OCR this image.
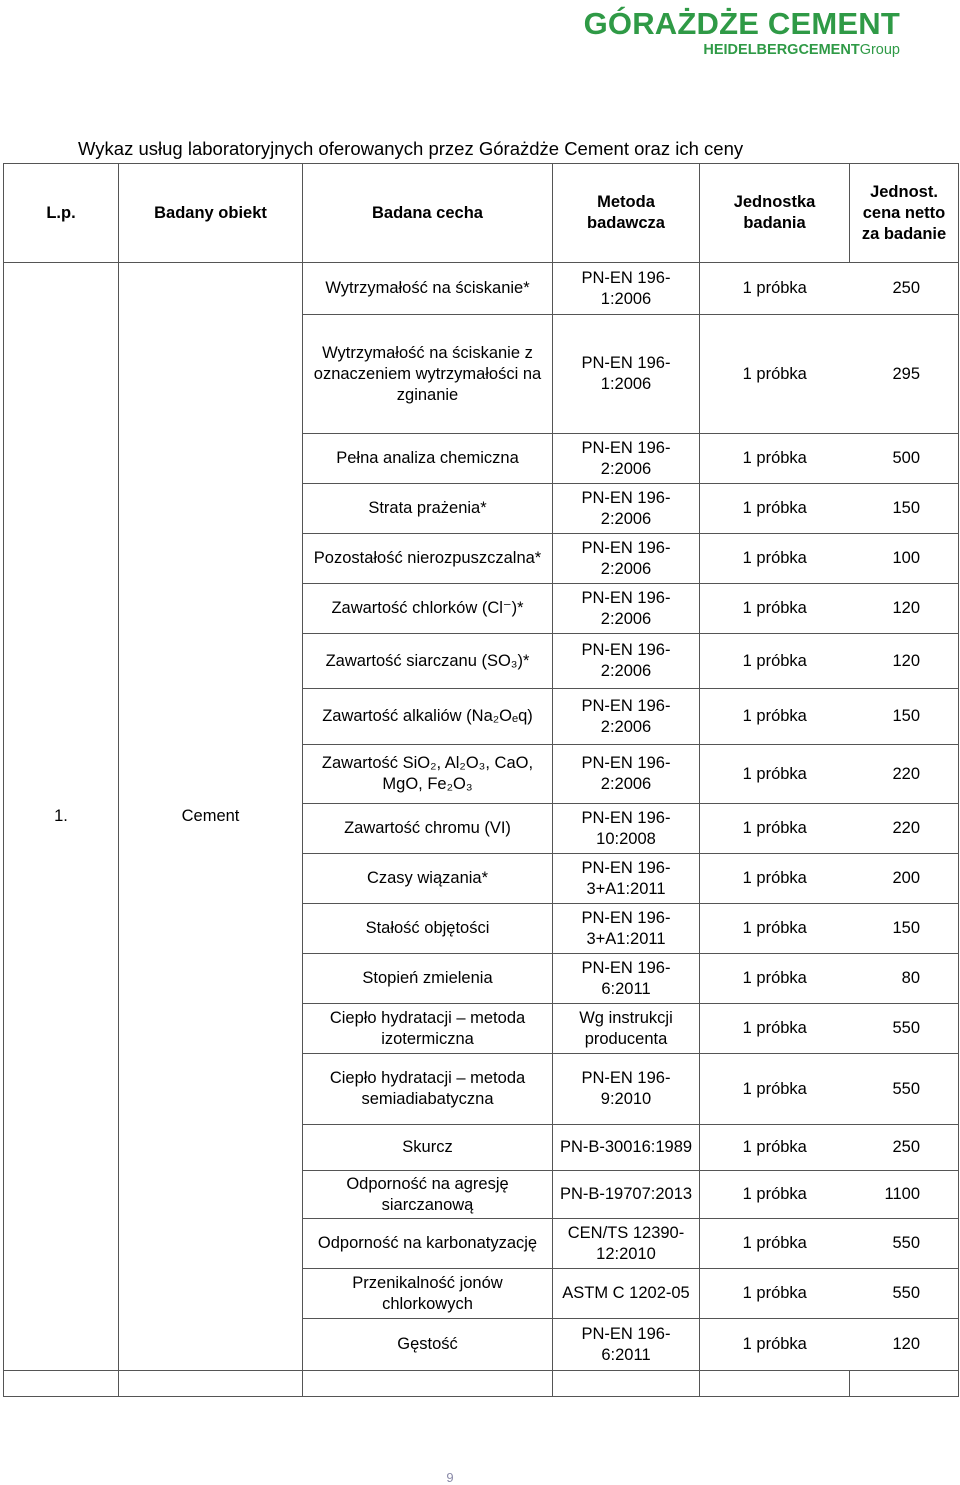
GÓRAŻDŻE CEMENT
HEIDELBERGCEMENTGroup
Wykaz usług laboratoryjnych oferowanych przez Górażdże Cement oraz ich ceny
L.p.	Badany obiekt	Badana cecha	Metoda badawcza	Jednostka badania	Jednost.
cena netto za badanie

1.	Cement	Wytrzymałość na ściskanie*	PN-EN 196-1:2006	1 próbka	250
		Wytrzymałość na ściskanie z oznaczeniem wytrzymałości na zginanie	PN-EN 196-1:2006	1 próbka	295
		Pełna analiza chemiczna	PN-EN 196-2:2006	1 próbka	500
		Strata prażenia*	PN-EN 196-2:2006	1 próbka	150
		Pozostałość nierozpuszczalna*	PN-EN 196-2:2006	1 próbka	100
		Zawartość chlorków (Cl⁻)*	PN-EN 196-2:2006	1 próbka	120
		Zawartość siarczanu (SO₃)*	PN-EN 196-2:2006	1 próbka	120
		Zawartość alkaliów (Na₂Oₑq)	PN-EN 196-2:2006	1 próbka	150
		Zawartość SiO₂, Al₂O₃, CaO, MgO, Fe₂O₃	PN-EN 196-2:2006	1 próbka	220
		Zawartość chromu (VI)	PN-EN 196-10:2008	1 próbka	220
		Czasy wiązania*	PN-EN 196-3+A1:2011	1 próbka	200
		Stałość objętości	PN-EN 196-3+A1:2011	1 próbka	150
		Stopień zmielenia	PN-EN 196-6:2011	1 próbka	80
		Ciepło hydratacji – metoda izotermiczna	Wg instrukcji producenta	1 próbka	550
		Ciepło hydratacji – metoda semiadiabatyczna	PN-EN 196-9:2010	1 próbka	550
		Skurcz	PN-B-30016:1989	1 próbka	250
		Odporność na agresję siarczanową	PN-B-19707:2013	1 próbka	1100
		Odporność na karbonatyzację	CEN/TS 12390-12:2010	1 próbka	550
		Przenikalność jonów chlorkowych	ASTM C 1202-05	1 próbka	550
		Gęstość	PN-EN 196-6:2011	1 próbka	120

9
